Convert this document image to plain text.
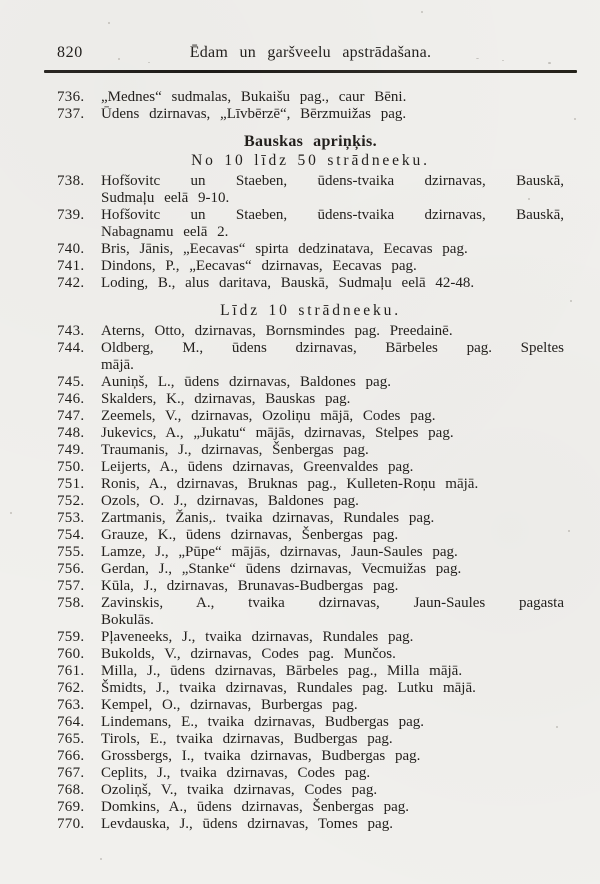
820	Ēdam un garšveelu apstrādašana.
736.	„Mednes“ sudmalas, Bukaišu pag., caur Bēni.
737.	Ūdens dzirnavas, „Līvbērzē“, Bērzmuižas pag.
Bauskas apriņķis.
No 10 līdz 50 strādneeku.
738.	Hofšovitc un Staeben, ūdens-tvaika dzirnavas, Bauskā,
Sudmaļu eelā 9-10.
739.	Hofšovitc un Staeben, ūdens-tvaika dzirnavas, Bauskā,
Nabagnamu eelā 2.
740.	Bris, Jānis, „Eecavas“ spirta dedzinatava, Eecavas pag.
741.	Dindons, P., „Eecavas“ dzirnavas, Eecavas pag.
742.	Loding, B., alus daritava, Bauskā, Sudmaļu eelā 42-48.
Līdz 10 strādneeku.
743.	Aterns, Otto, dzirnavas, Bornsmindes pag. Preedainē.
744.	Oldberg, M., ūdens dzirnavas, Bārbeles pag. Speltes
mājā.
745.	Auniņš, L., ūdens dzirnavas, Baldones pag.
746.	Skalders, K., dzirnavas, Bauskas pag.
747.	Zeemels, V., dzirnavas, Ozoliņu mājā, Codes pag.
748.	Jukevics, A., „Jukatu“ mājās, dzirnavas, Stelpes pag.
749.	Traumanis, J., dzirnavas, Šenbergas pag.
750.	Leijerts, A., ūdens dzirnavas, Greenvaldes pag.
751.	Ronis, A., dzirnavas, Bruknas pag., Kulleten-Roņu mājā.
752.	Ozols, O. J., dzirnavas, Baldones pag.
753.	Zartmanis, Žanis,. tvaika dzirnavas, Rundales pag.
754.	Grauze, K., ūdens dzirnavas, Šenbergas pag.
755.	Lamze, J., „Pūpe“ mājās, dzirnavas, Jaun-Saules pag.
756.	Gerdan, J., „Stanke“ ūdens dzirnavas, Vecmuižas pag.
757.	Kūla, J., dzirnavas, Brunavas-Budbergas pag.
758.	Zavinskis, A., tvaika dzirnavas, Jaun-Saules pagasta
Bokulās.
759.	Pļaveneeks, J., tvaika dzirnavas, Rundales pag.
760.	Bukolds, V., dzirnavas, Codes pag. Munčos.
761.	Milla, J., ūdens dzirnavas, Bārbeles pag., Milla mājā.
762.	Šmidts, J., tvaika dzirnavas, Rundales pag. Lutku mājā.
763.	Kempel, O., dzirnavas, Burbergas pag.
764.	Lindemans, E., tvaika dzirnavas, Budbergas pag.
765.	Tirols, E., tvaika dzirnavas, Budbergas pag.
766.	Grossbergs, I., tvaika dzirnavas, Budbergas pag.
767.	Ceplits, J., tvaika dzirnavas, Codes pag.
768.	Ozoliņš, V., tvaika dzirnavas, Codes pag.
769.	Domkins, A., ūdens dzirnavas, Šenbergas pag.
770.	Levdauska, J., ūdens dzirnavas, Tomes pag.
